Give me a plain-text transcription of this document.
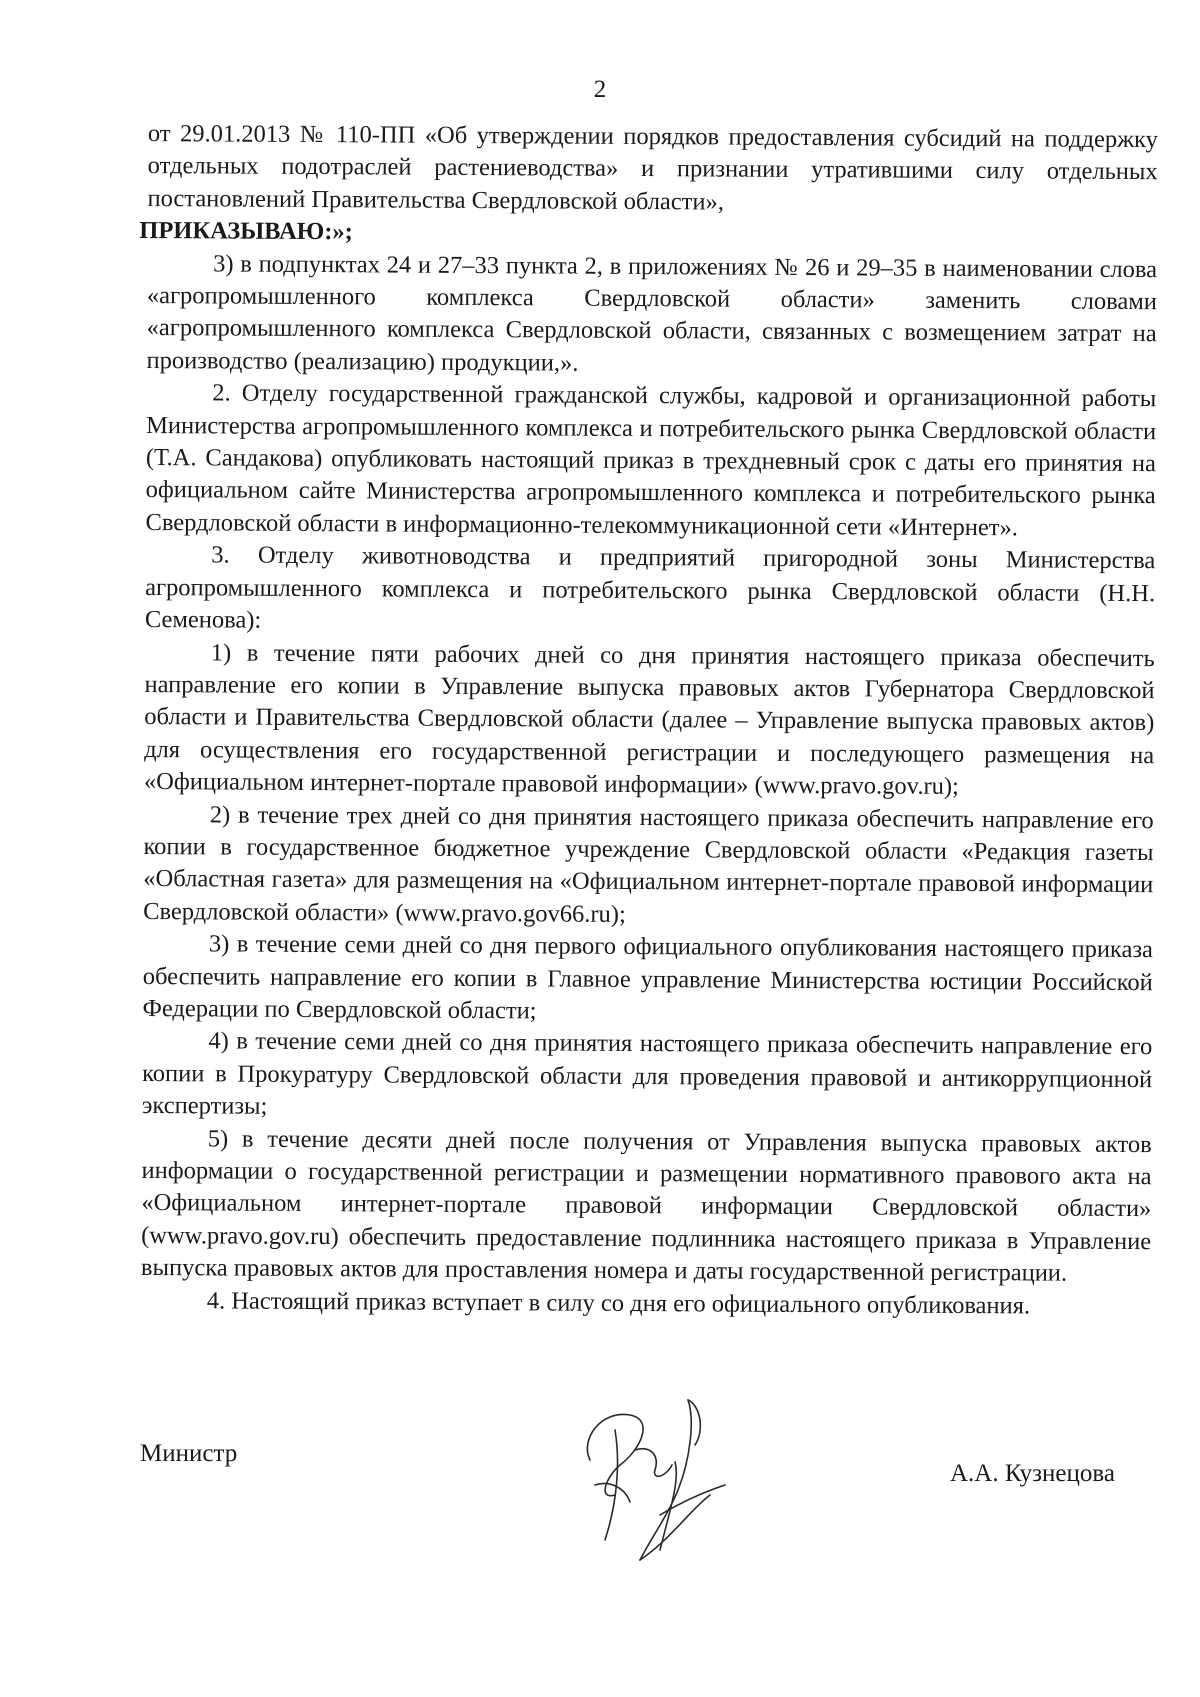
2

от 29.01.2013 № 110-ПП «Об утверждении порядков предоставления субсидий на поддержку отдельных подотраслей растениеводства» и признании утратившими силу отдельных постановлений Правительства Свердловской области»,

ПРИКАЗЫВАЮ:»;

3) в подпунктах 24 и 27–33 пункта 2, в приложениях № 26 и 29–35 в наименовании слова «агропромышленного комплекса Свердловской области» заменить словами «агропромышленного комплекса Свердловской области, связанных с возмещением затрат на производство (реализацию) продукции,».

2. Отделу государственной гражданской службы, кадровой и организационной работы Министерства агропромышленного комплекса и потребительского рынка Свердловской области (Т.А. Сандакова) опубликовать настоящий приказ в трехдневный срок с даты его принятия на официальном сайте Министерства агропромышленного комплекса и потребительского рынка Свердловской области в информационно-телекоммуникационной сети «Интернет».

3. Отделу животноводства и предприятий пригородной зоны Министерства агропромышленного комплекса и потребительского рынка Свердловской области (Н.Н. Семенова):

1) в течение пяти рабочих дней со дня принятия настоящего приказа обеспечить направление его копии в Управление выпуска правовых актов Губернатора Свердловской области и Правительства Свердловской области (далее – Управление выпуска правовых актов) для осуществления его государственной регистрации и последующего размещения на «Официальном интернет-портале правовой информации» (www.pravo.gov.ru);

2) в течение трех дней со дня принятия настоящего приказа обеспечить направление его копии в государственное бюджетное учреждение Свердловской области «Редакция газеты «Областная газета» для размещения на «Официальном интернет-портале правовой информации Свердловской области» (www.pravo.gov66.ru);

3) в течение семи дней со дня первого официального опубликования настоящего приказа обеспечить направление его копии в Главное управление Министерства юстиции Российской Федерации по Свердловской области;

4) в течение семи дней со дня принятия настоящего приказа обеспечить направление его копии в Прокуратуру Свердловской области для проведения правовой и антикоррупционной экспертизы;

5) в течение десяти дней после получения от Управления выпуска правовых актов информации о государственной регистрации и размещении нормативного правового акта на «Официальном интернет-портале правовой информации Свердловской области» (www.pravo.gov.ru) обеспечить предоставление подлинника настоящего приказа в Управление выпуска правовых актов для проставления номера и даты государственной регистрации.

4. Настоящий приказ вступает в силу со дня его официального опубликования.

Министр
А.А. Кузнецова
